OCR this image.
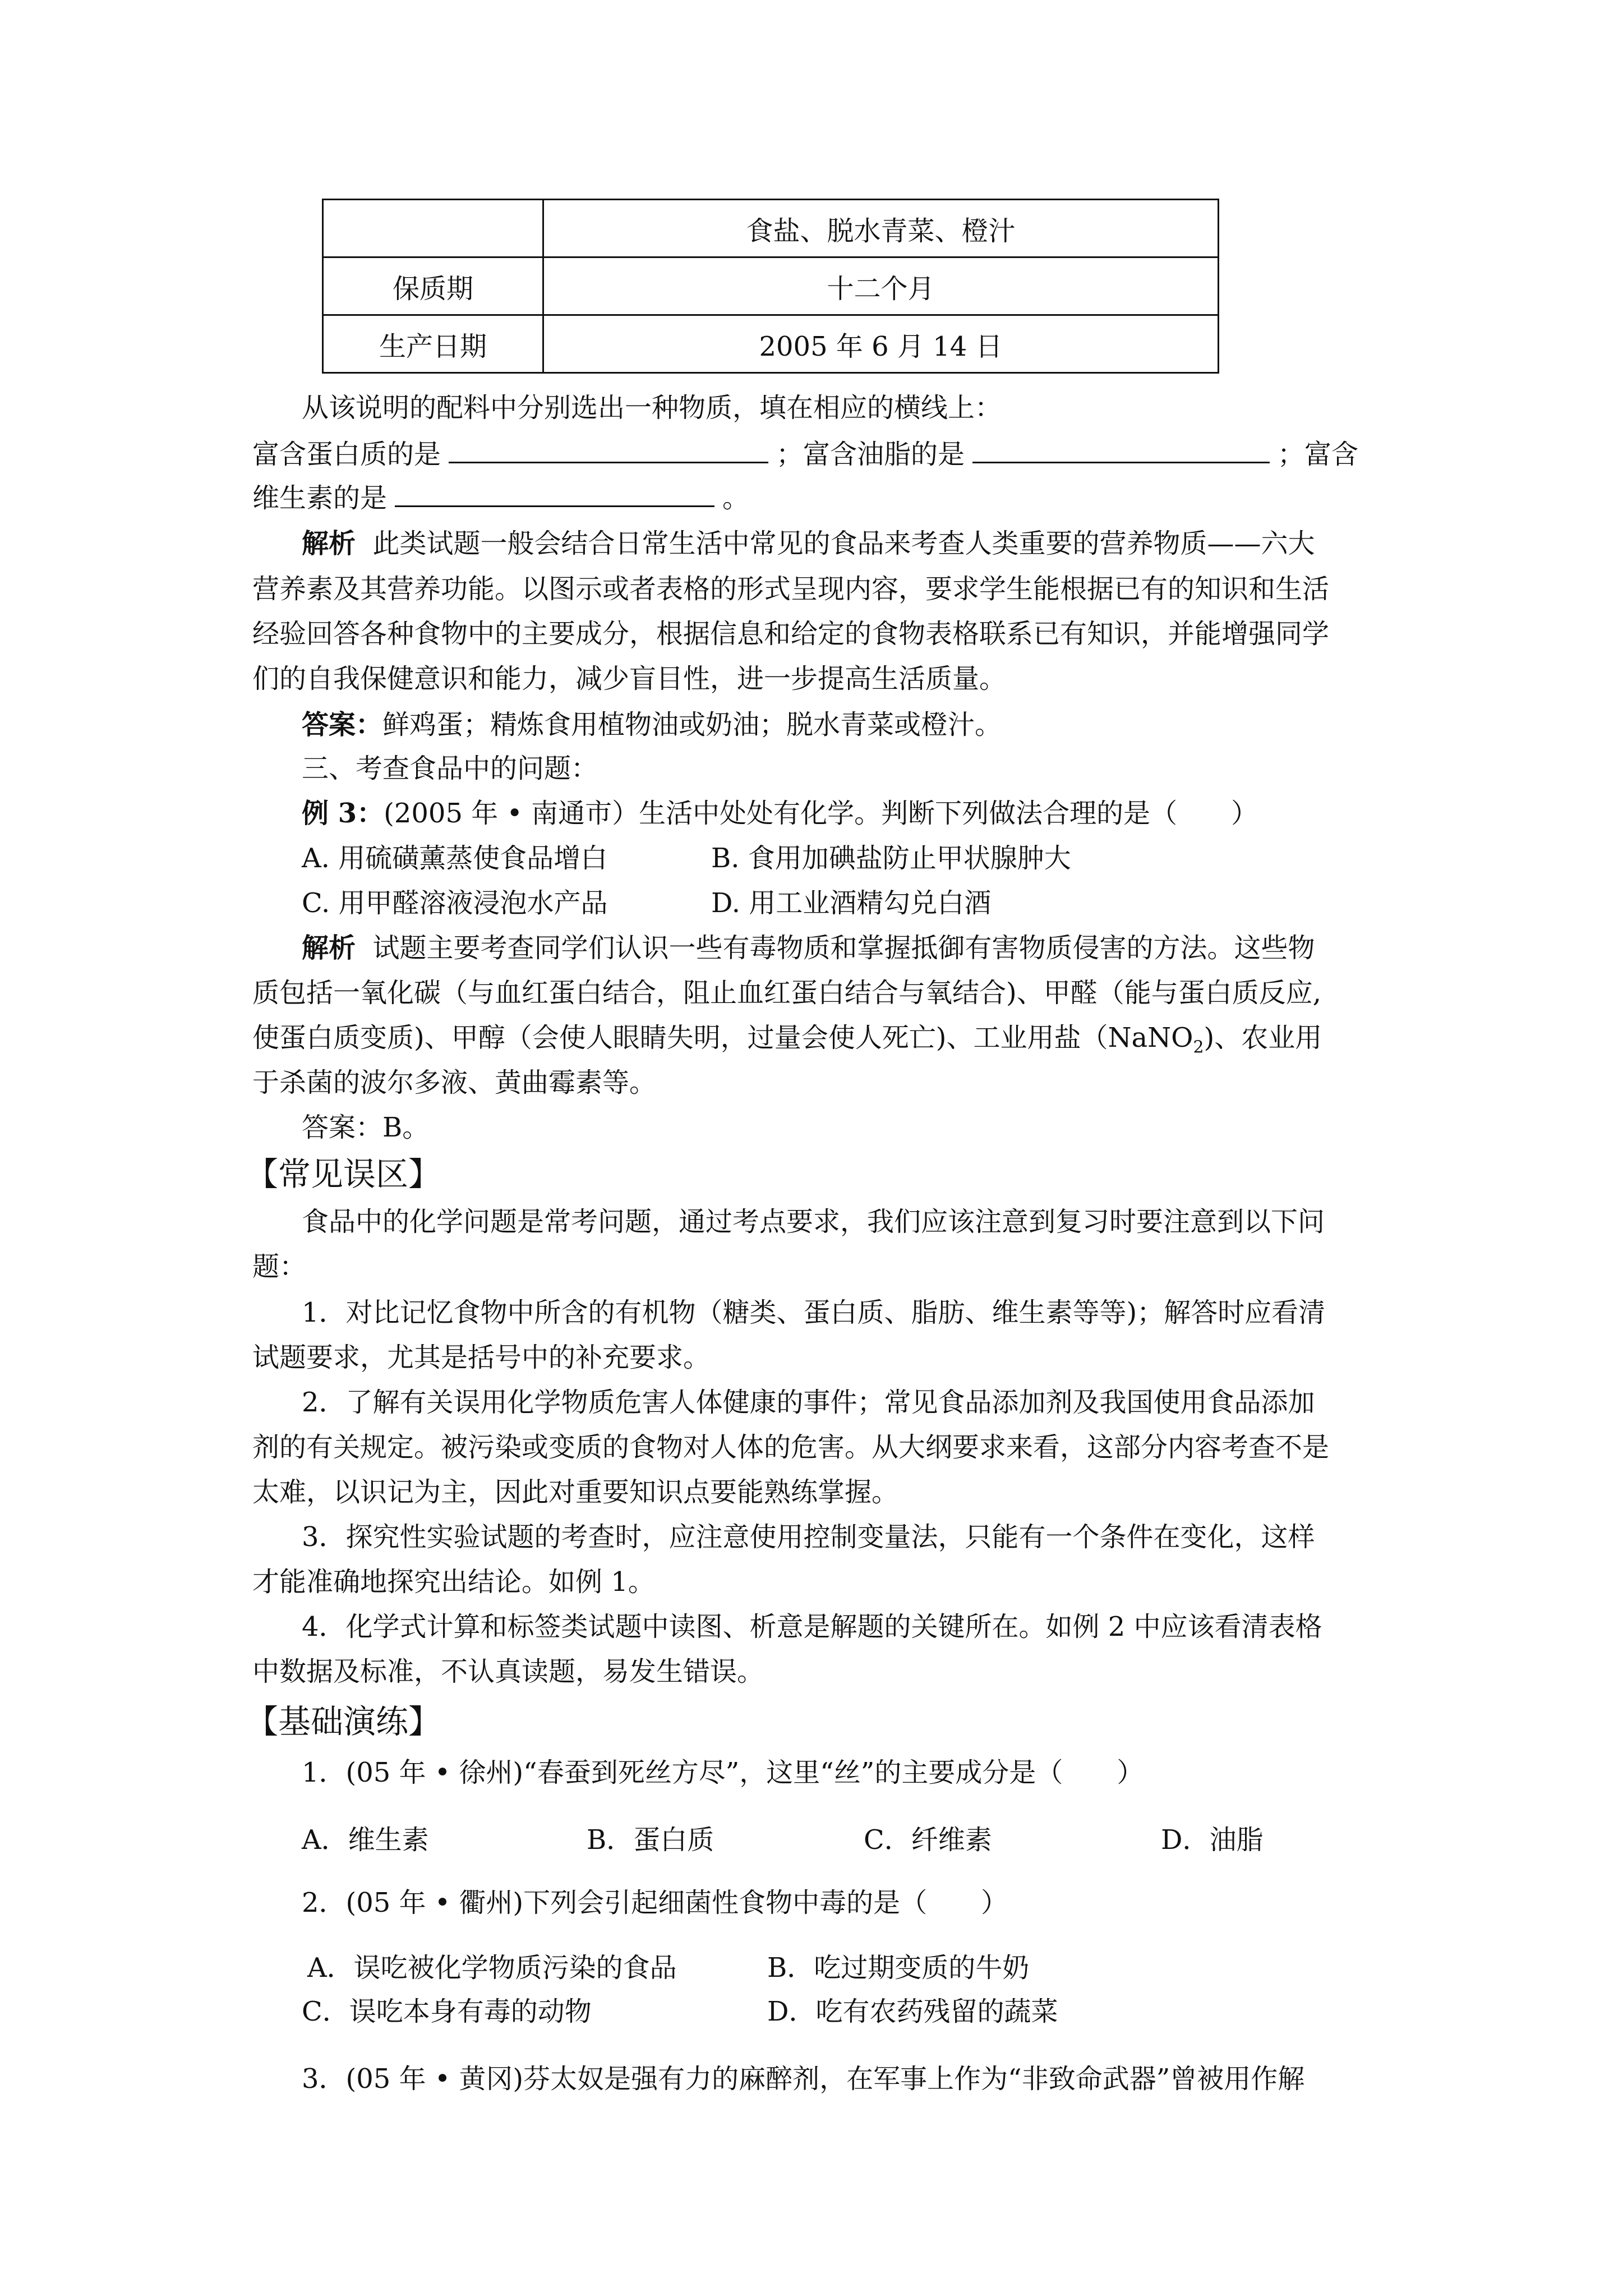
	食盐、脱水青菜、橙汁
保质期	十二个月
生产日期	2005 年 6 月 14 日
从该说明的配料中分别选出一种物质，填在相应的横线上：
富含蛋白质的是	；富含油脂的是	；富含
维生素的是	。
解析 此类试题一般会结合日常生活中常见的食品来考查人类重要的营养物质——六大
营养素及其营养功能。以图示或者表格的形式呈现内容，要求学生能根据已有的知识和生活
经验回答各种食物中的主要成分，根据信息和给定的食物表格联系已有知识，并能增强同学
们的自我保健意识和能力，减少盲目性，进一步提高生活质量。
答案：鲜鸡蛋；精炼食用植物油或奶油；脱水青菜或橙汁。
三、考查食品中的问题：
例 3：(2005 年 • 南通市）生活中处处有化学。判断下列做法合理的是（　　）
A. 用硫磺薰蒸使食品增白	B. 食用加碘盐防止甲状腺肿大
C. 用甲醛溶液浸泡水产品	D. 用工业酒精勾兑白酒
解析 试题主要考查同学们认识一些有毒物质和掌握抵御有害物质侵害的方法。这些物
质包括一氧化碳（与血红蛋白结合，阻止血红蛋白结合与氧结合)、甲醛（能与蛋白质反应,
使蛋白质变质)、甲醇（会使人眼睛失明，过量会使人死亡)、工业用盐（NaNO$_2$)、农业用
于杀菌的波尔多液、黄曲霉素等。
答案：B。
【常见误区】
食品中的化学问题是常考问题，通过考点要求，我们应该注意到复习时要注意到以下问
题：
1．对比记忆食物中所含的有机物（糖类、蛋白质、脂肪、维生素等等)；解答时应看清
试题要求，尤其是括号中的补充要求。
2．了解有关误用化学物质危害人体健康的事件；常见食品添加剂及我国使用食品添加
剂的有关规定。被污染或变质的食物对人体的危害。从大纲要求来看，这部分内容考查不是
太难，以识记为主，因此对重要知识点要能熟练掌握。
3．探究性实验试题的考查时，应注意使用控制变量法，只能有一个条件在变化，这样
才能准确地探究出结论。如例 1。
4．化学式计算和标签类试题中读图、析意是解题的关键所在。如例 2 中应该看清表格
中数据及标准，不认真读题，易发生错误。
【基础演练】
1．(05 年 • 徐州)“春蚕到死丝方尽”，这里“丝”的主要成分是（　　）
A．维生素	B．蛋白质	C．纤维素	D．油脂
2．(05 年 • 衢州)下列会引起细菌性食物中毒的是（　　）
A．误吃被化学物质污染的食品	B．吃过期变质的牛奶
C．误吃本身有毒的动物	D．吃有农药残留的蔬菜
3．(05 年 • 黄冈)芬太奴是强有力的麻醉剂，在军事上作为“非致命武器”曾被用作解
